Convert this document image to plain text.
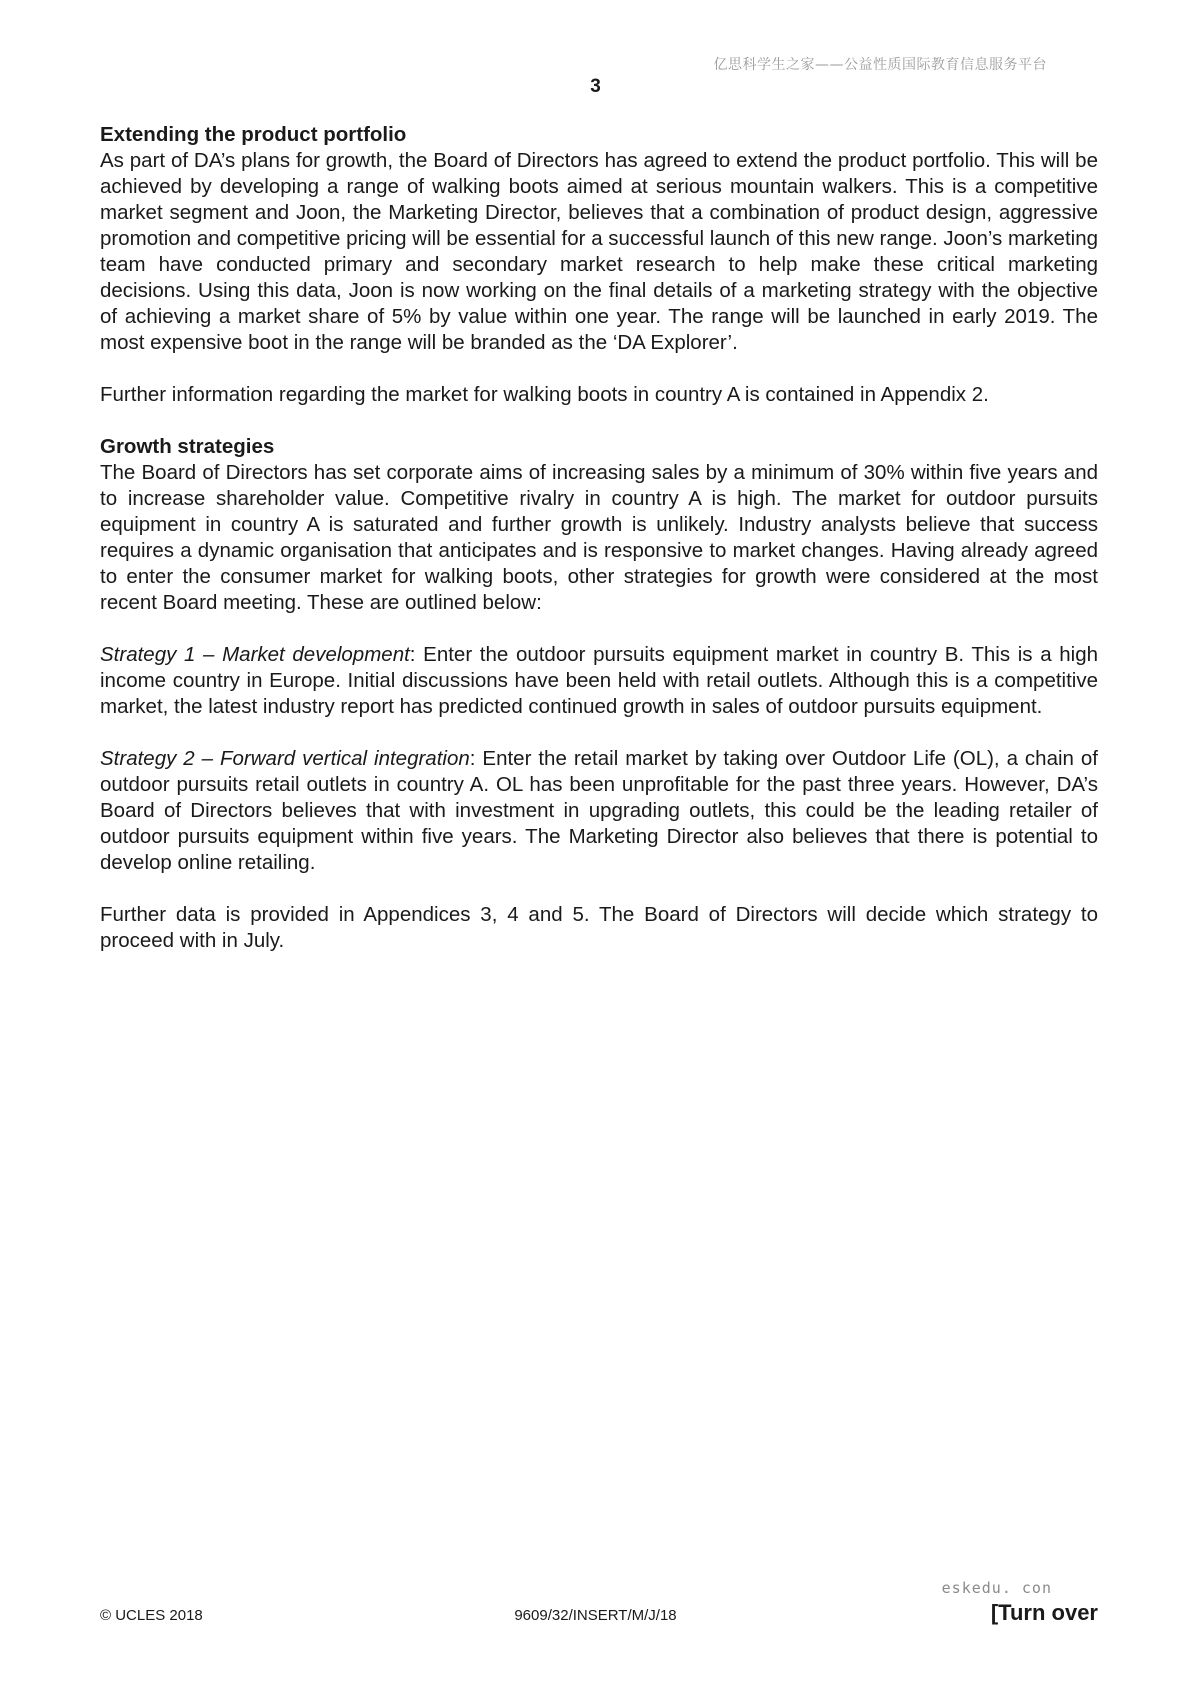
亿思科学生之家——公益性质国际教育信息服务平台
3

Extending the product portfolio

As part of DA’s plans for growth, the Board of Directors has agreed to extend the product portfolio. This will be achieved by developing a range of walking boots aimed at serious mountain walkers. This is a competitive market segment and Joon, the Marketing Director, believes that a combination of product design, aggressive promotion and competitive pricing will be essential for a successful launch of this new range. Joon’s marketing team have conducted primary and secondary market research to help make these critical marketing decisions. Using this data, Joon is now working on the final details of a marketing strategy with the objective of achieving a market share of 5% by value within one year. The range will be launched in early 2019. The most expensive boot in the range will be branded as the ‘DA Explorer’.

Further information regarding the market for walking boots in country A is contained in Appendix 2.

Growth strategies

The Board of Directors has set corporate aims of increasing sales by a minimum of 30% within five years and to increase shareholder value. Competitive rivalry in country A is high. The market for outdoor pursuits equipment in country A is saturated and further growth is unlikely. Industry analysts believe that success requires a dynamic organisation that anticipates and is responsive to market changes. Having already agreed to enter the consumer market for walking boots, other strategies for growth were considered at the most recent Board meeting. These are outlined below:

Strategy 1 – Market development: Enter the outdoor pursuits equipment market in country B. This is a high income country in Europe. Initial discussions have been held with retail outlets. Although this is a competitive market, the latest industry report has predicted continued growth in sales of outdoor pursuits equipment.

Strategy 2 – Forward vertical integration: Enter the retail market by taking over Outdoor Life (OL), a chain of outdoor pursuits retail outlets in country A. OL has been unprofitable for the past three years. However, DA’s Board of Directors believes that with investment in upgrading outlets, this could be the leading retailer of outdoor pursuits equipment within five years. The Marketing Director also believes that there is potential to develop online retailing.

Further data is provided in Appendices 3, 4 and 5. The Board of Directors will decide which strategy to proceed with in July.

© UCLES 2018	9609/32/INSERT/M/J/18
eskedu. con
[Turn over
